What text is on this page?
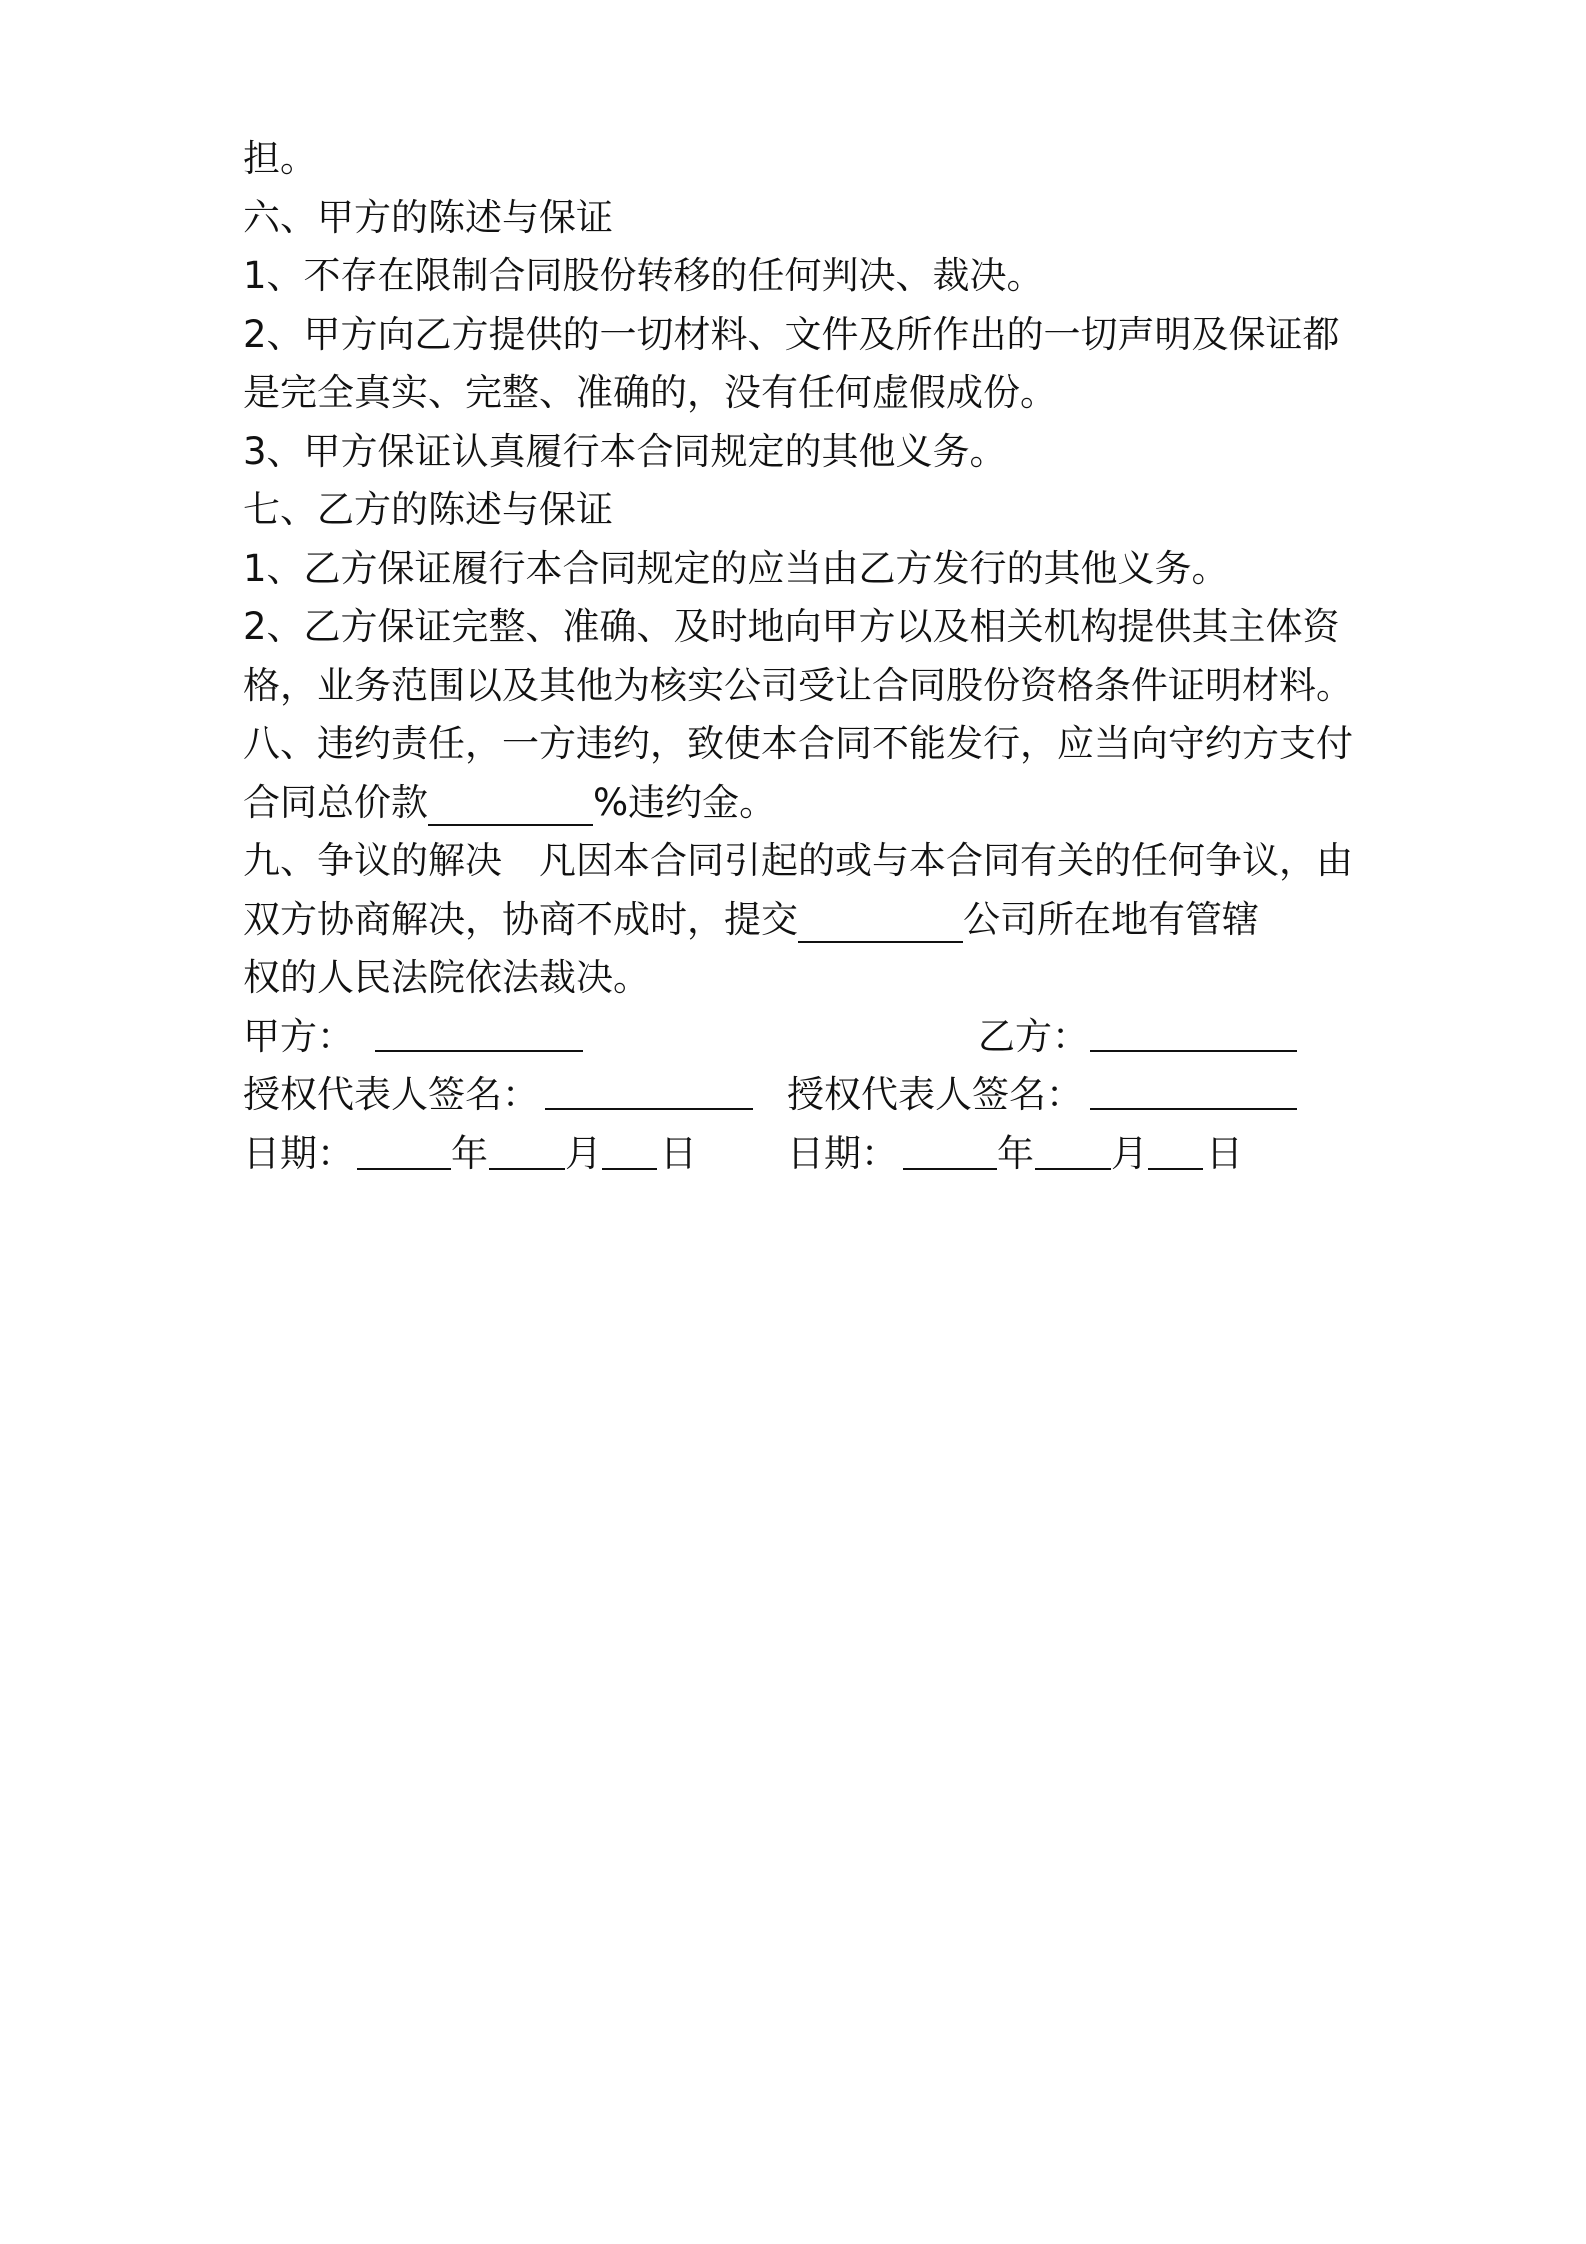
担。

六、甲方的陈述与保证

1、不存在限制合同股份转移的任何判决、裁决。

2、甲方向乙方提供的一切材料、文件及所作出的一切声明及保证都

是完全真实、完整、准确的，没有任何虚假成份。

3、甲方保证认真履行本合同规定的其他义务。

七、乙方的陈述与保证

1、乙方保证履行本合同规定的应当由乙方发行的其他义务。

2、乙方保证完整、准确、及时地向甲方以及相关机构提供其主体资

格，业务范围以及其他为核实公司受让合同股份资格条件证明材料。

八、违约责任，一方违约，致使本合同不能发行，应当向守约方支付

合同总价款	%违约金。

九、争议的解决　凡因本合同引起的或与本合同有关的任何争议，由

双方协商解决，协商不成时，提交	公司所在地有管辖

权的人民法院依法裁决。

甲方：	乙方：

授权代表人签名：	授权代表人签名：

日期：	年 月 日 日期：	年 月 日
